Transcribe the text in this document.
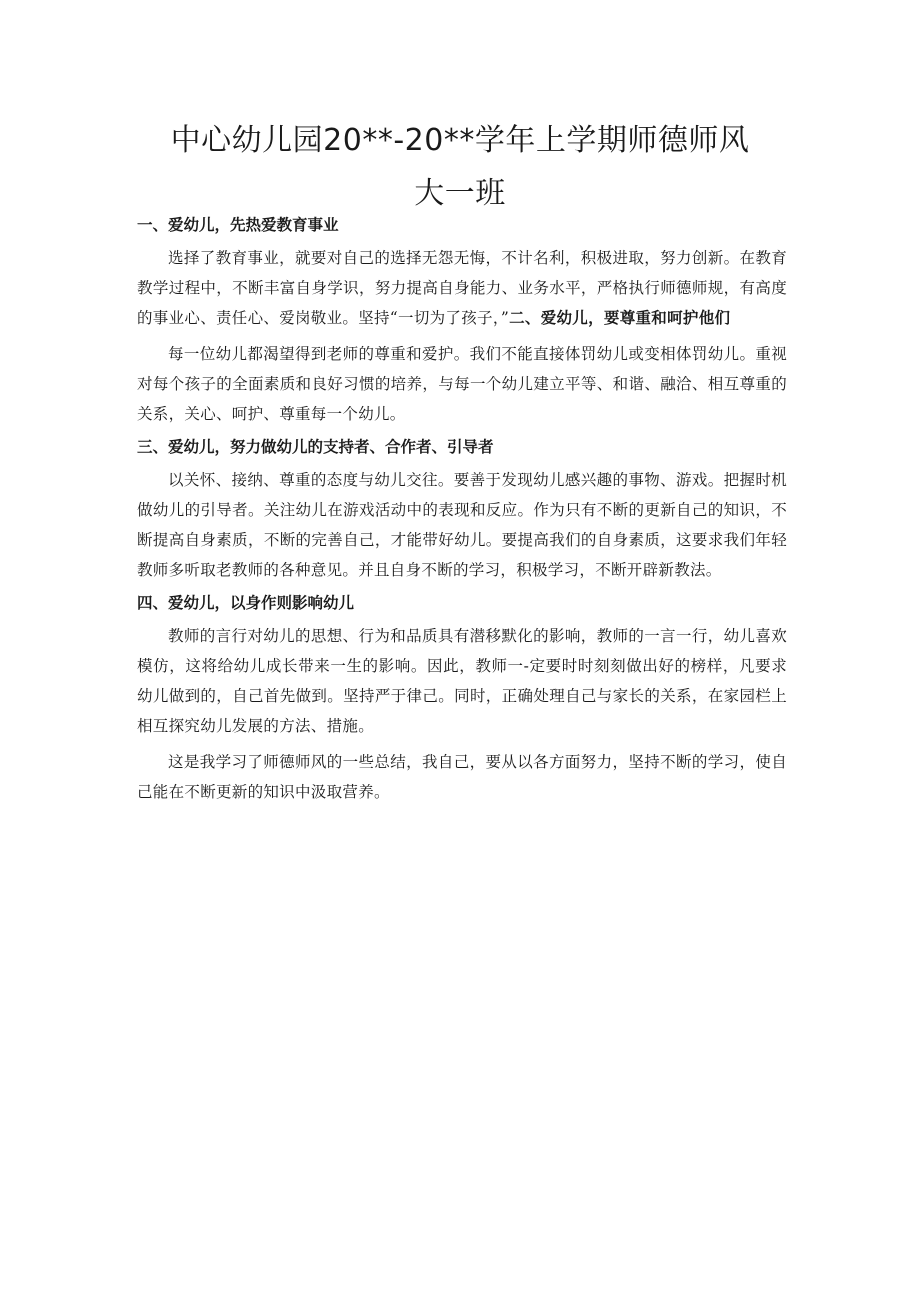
中心幼儿园20**-20**学年上学期师德师风
大一班
一、爱幼儿，先热爱教育事业

选择了教育事业，就要对自己的选择无怨无悔，不计名利，积极进取，努力创新。在教育教学过程中，不断丰富自身学识，努力提高自身能力、业务水平，严格执行师德师规，有高度的事业心、责任心、爱岗敬业。坚持“一切为了孩子，”二、爱幼儿，要尊重和呵护他们

每一位幼儿都渴望得到老师的尊重和爱护。我们不能直接体罚幼儿或变相体罚幼儿。重视对每个孩子的全面素质和良好习惯的培养，与每一个幼儿建立平等、和谐、融洽、相互尊重的关系，关心、呵护、尊重每一个幼儿。

三、爱幼儿，努力做幼儿的支持者、合作者、引导者

以关怀、接纳、尊重的态度与幼儿交往。要善于发现幼儿感兴趣的事物、游戏。把握时机做幼儿的引导者。关注幼儿在游戏活动中的表现和反应。作为只有不断的更新自己的知识，不断提高自身素质，不断的完善自己，才能带好幼儿。要提高我们的自身素质，这要求我们年轻教师多听取老教师的各种意见。并且自身不断的学习，积极学习，不断开辟新教法。

四、爱幼儿，以身作则影响幼儿

教师的言行对幼儿的思想、行为和品质具有潜移默化的影响，教师的一言一行，幼儿喜欢模仿，这将给幼儿成长带来一生的影响。因此，教师一-定要时时刻刻做出好的榜样，凡要求幼儿做到的，自己首先做到。坚持严于律己。同时，正确处理自己与家长的关系，在家园栏上相互探究幼儿发展的方法、措施。

这是我学习了师德师风的一些总结，我自己，要从以各方面努力，坚持不断的学习，使自己能在不断更新的知识中汲取营养。
